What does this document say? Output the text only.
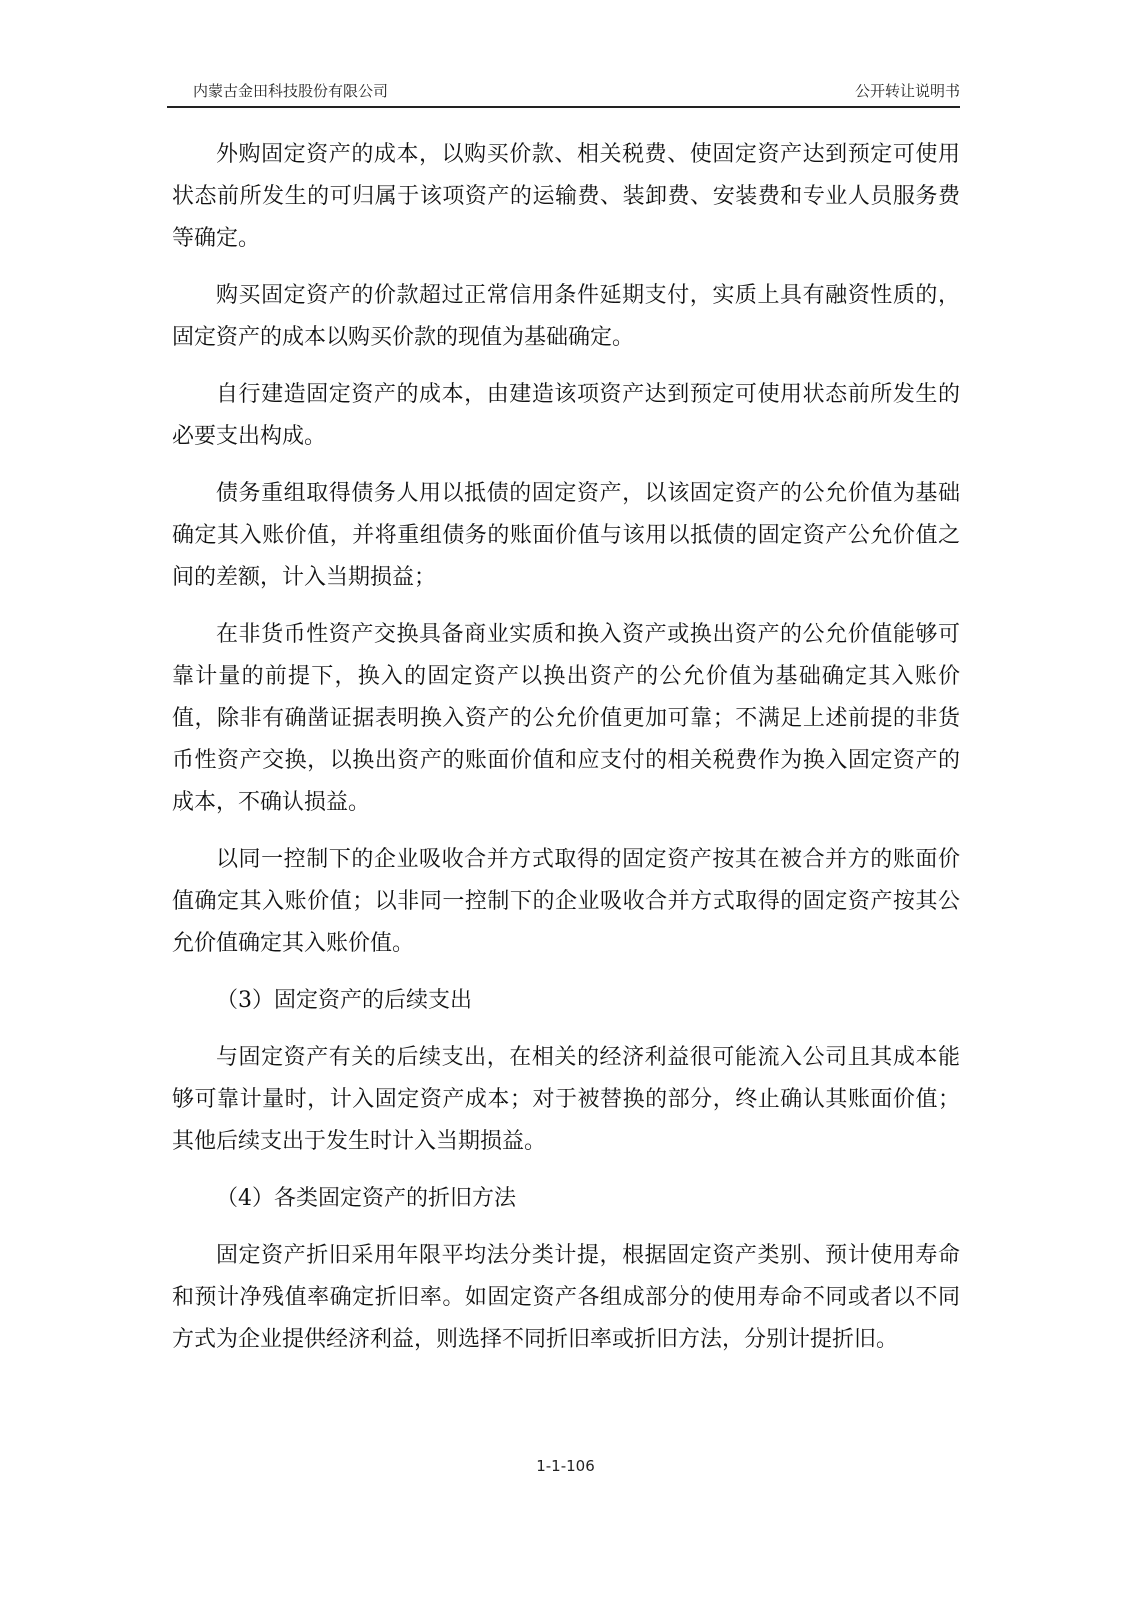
内蒙古金田科技股份有限公司	公开转让说明书

外购固定资产的成本，以购买价款、相关税费、使固定资产达到预定可使用状态前所发生的可归属于该项资产的运输费、装卸费、安装费和专业人员服务费等确定。

购买固定资产的价款超过正常信用条件延期支付，实质上具有融资性质的，固定资产的成本以购买价款的现值为基础确定。

自行建造固定资产的成本，由建造该项资产达到预定可使用状态前所发生的必要支出构成。

债务重组取得债务人用以抵债的固定资产，以该固定资产的公允价值为基础确定其入账价值，并将重组债务的账面价值与该用以抵债的固定资产公允价值之间的差额，计入当期损益；

在非货币性资产交换具备商业实质和换入资产或换出资产的公允价值能够可靠计量的前提下，换入的固定资产以换出资产的公允价值为基础确定其入账价值，除非有确凿证据表明换入资产的公允价值更加可靠；不满足上述前提的非货币性资产交换，以换出资产的账面价值和应支付的相关税费作为换入固定资产的成本，不确认损益。

以同一控制下的企业吸收合并方式取得的固定资产按其在被合并方的账面价值确定其入账价值；以非同一控制下的企业吸收合并方式取得的固定资产按其公允价值确定其入账价值。

（3）固定资产的后续支出

与固定资产有关的后续支出，在相关的经济利益很可能流入公司且其成本能够可靠计量时，计入固定资产成本；对于被替换的部分，终止确认其账面价值；其他后续支出于发生时计入当期损益。

（4）各类固定资产的折旧方法

固定资产折旧采用年限平均法分类计提，根据固定资产类别、预计使用寿命和预计净残值率确定折旧率。如固定资产各组成部分的使用寿命不同或者以不同方式为企业提供经济利益，则选择不同折旧率或折旧方法，分别计提折旧。

1-1-106
